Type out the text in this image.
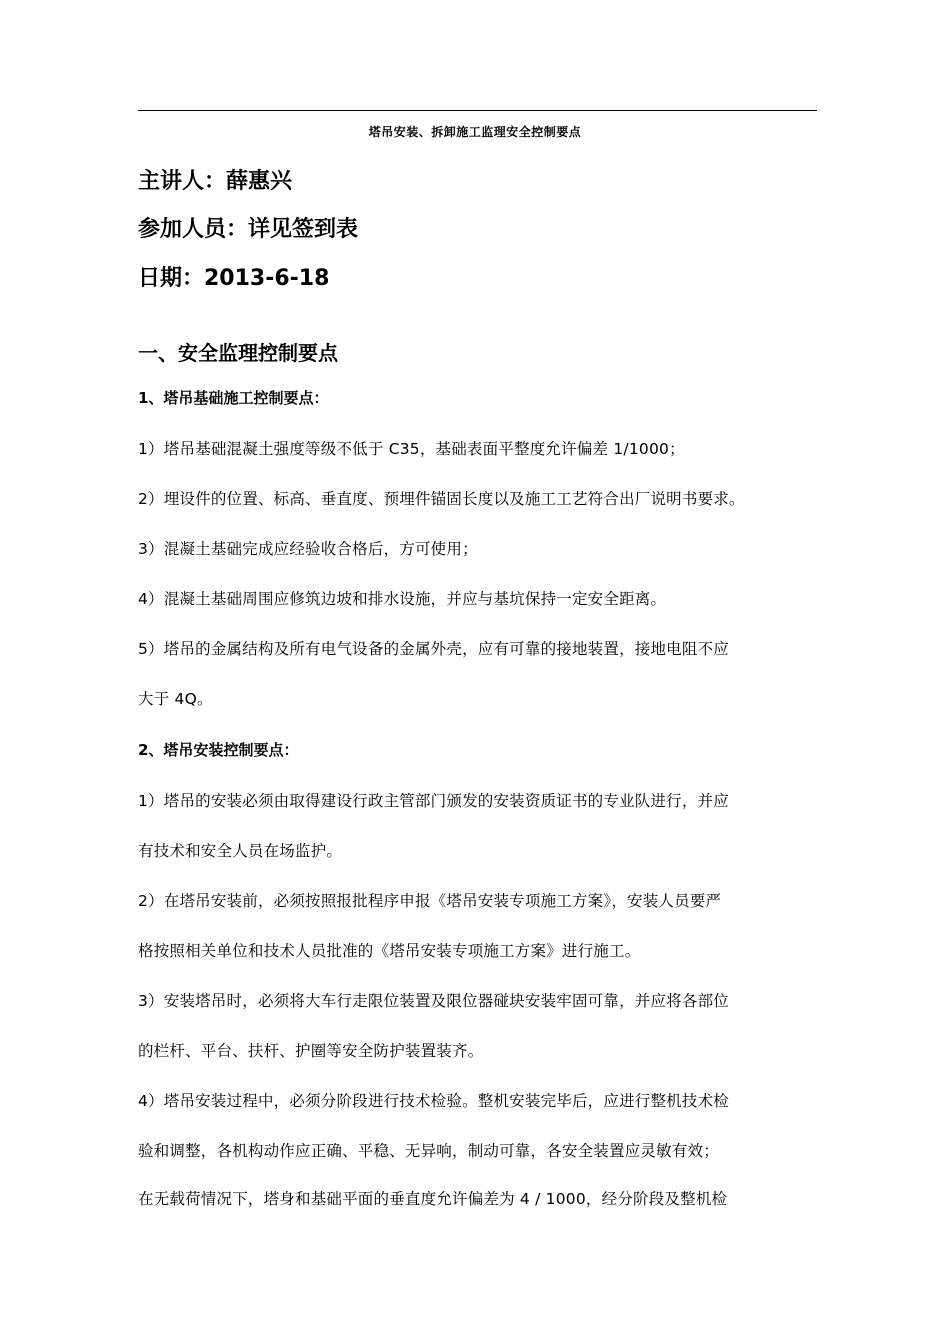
塔吊安装、拆卸施工监理安全控制要点
主讲人：薛惠兴
参加人员：详见签到表
日期：2013-6-18
一、安全监理控制要点
1、塔吊基础施工控制要点：
1）塔吊基础混凝土强度等级不低于 C35，基础表面平整度允许偏差 1/1000；
2）埋设件的位置、标高、垂直度、预埋件锚固长度以及施工工艺符合出厂说明书要求。
3）混凝土基础完成应经验收合格后，方可使用；
4）混凝土基础周围应修筑边坡和排水设施，并应与基坑保持一定安全距离。
5）塔吊的金属结构及所有电气设备的金属外壳，应有可靠的接地装置，接地电阻不应
大于 4Q。
2、塔吊安装控制要点：
1）塔吊的安装必须由取得建设行政主管部门颁发的安装资质证书的专业队进行，并应
有技术和安全人员在场监护。
2）在塔吊安装前，必须按照报批程序申报《塔吊安装专项施工方案》，安装人员要严
格按照相关单位和技术人员批准的《塔吊安装专项施工方案》进行施工。
3）安装塔吊时，必须将大车行走限位装置及限位器碰块安装牢固可靠，并应将各部位
的栏杆、平台、扶杆、护圈等安全防护装置装齐。
4）塔吊安装过程中，必须分阶段进行技术检验。整机安装完毕后，应进行整机技术检
验和调整，各机构动作应正确、平稳、无异响，制动可靠，各安全装置应灵敏有效；
在无载荷情况下，塔身和基础平面的垂直度允许偏差为 4 / 1000，经分阶段及整机检
